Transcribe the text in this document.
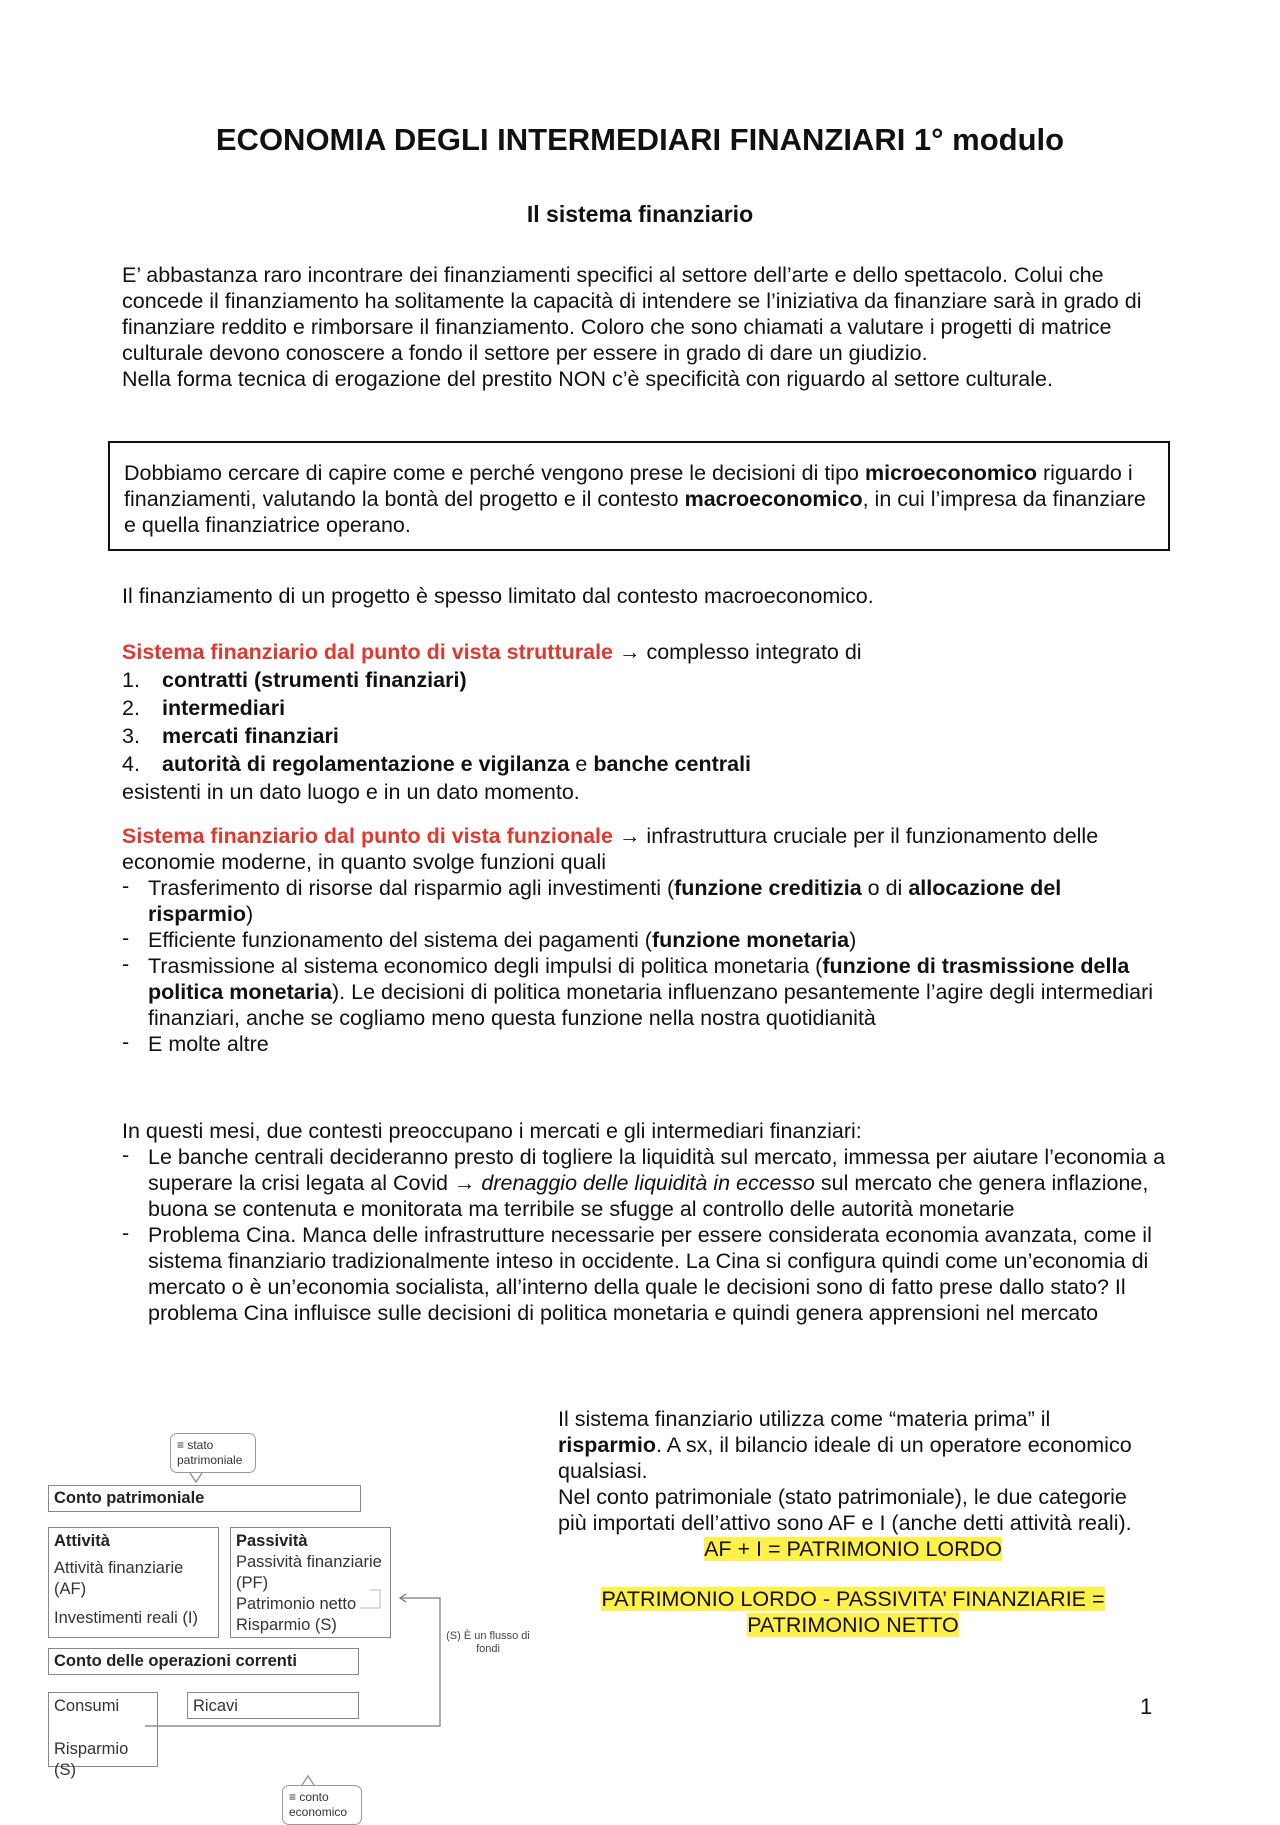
ECONOMIA DEGLI INTERMEDIARI FINANZIARI 1° modulo
Il sistema finanziario

E’ abbastanza raro incontrare dei finanziamenti specifici al settore dell’arte e dello spettacolo. Colui che concede il finanziamento ha solitamente la capacità di intendere se l’iniziativa da finanziare sarà in grado di finanziare reddito e rimborsare il finanziamento. Coloro che sono chiamati a valutare i progetti di matrice culturale devono conoscere a fondo il settore per essere in grado di dare un giudizio.

Nella forma tecnica di erogazione del prestito NON c’è specificità con riguardo al settore culturale.

Dobbiamo cercare di capire come e perché vengono prese le decisioni di tipo microeconomico riguardo i finanziamenti, valutando la bontà del progetto e il contesto macroeconomico, in cui l’impresa da finanziare e quella finanziatrice operano.

Il finanziamento di un progetto è spesso limitato dal contesto macroeconomico.

Sistema finanziario dal punto di vista strutturale → complesso integrato di

1. contratti (strumenti finanziari)
2. intermediari
3. mercati finanziari
4. autorità di regolamentazione e vigilanza e banche centrali

esistenti in un dato luogo e in un dato momento.

Sistema finanziario dal punto di vista funzionale → infrastruttura cruciale per il funzionamento delle economie moderne, in quanto svolge funzioni quali

- Trasferimento di risorse dal risparmio agli investimenti (funzione creditizia o di allocazione del risparmio)
- Efficiente funzionamento del sistema dei pagamenti (funzione monetaria)
- Trasmissione al sistema economico degli impulsi di politica monetaria (funzione di trasmissione della politica monetaria). Le decisioni di politica monetaria influenzano pesantemente l’agire degli intermediari finanziari, anche se cogliamo meno questa funzione nella nostra quotidianità
- E molte altre

In questi mesi, due contesti preoccupano i mercati e gli intermediari finanziari:

- Le banche centrali decideranno presto di togliere la liquidità sul mercato, immessa per aiutare l’economia a superare la crisi legata al Covid → drenaggio delle liquidità in eccesso sul mercato che genera inflazione, buona se contenuta e monitorata ma terribile se sfugge al controllo delle autorità monetarie
- Problema Cina. Manca delle infrastrutture necessarie per essere considerata economia avanzata, come il sistema finanziario tradizionalmente inteso in occidente. La Cina si configura quindi come un’economia di mercato o è un’economia socialista, all’interno della quale le decisioni sono di fatto prese dallo stato? Il problema Cina influisce sulle decisioni di politica monetaria e quindi genera apprensioni nel mercato

Il sistema finanziario utilizza come “materia prima” il risparmio. A sx, il bilancio ideale di un operatore economico qualsiasi.

Nel conto patrimoniale (stato patrimoniale), le due categorie più importati dell’attivo sono AF e I (anche detti attività reali).

AF + I = PATRIMONIO LORDO

PATRIMONIO LORDO - PASSIVITA’ FINANZIARIE =

PATRIMONIO NETTO

≡ stato patrimoniale
Conto patrimoniale
Attività
Attività finanziarie (AF)
Investimenti reali (I)
Passività
Passività finanziarie (PF)
Patrimonio netto
Risparmio (S)
(S) È un flusso di fondi
Conto delle operazioni correnti
Consumi
Risparmio (S)
Ricavi
≡ conto economico
1
